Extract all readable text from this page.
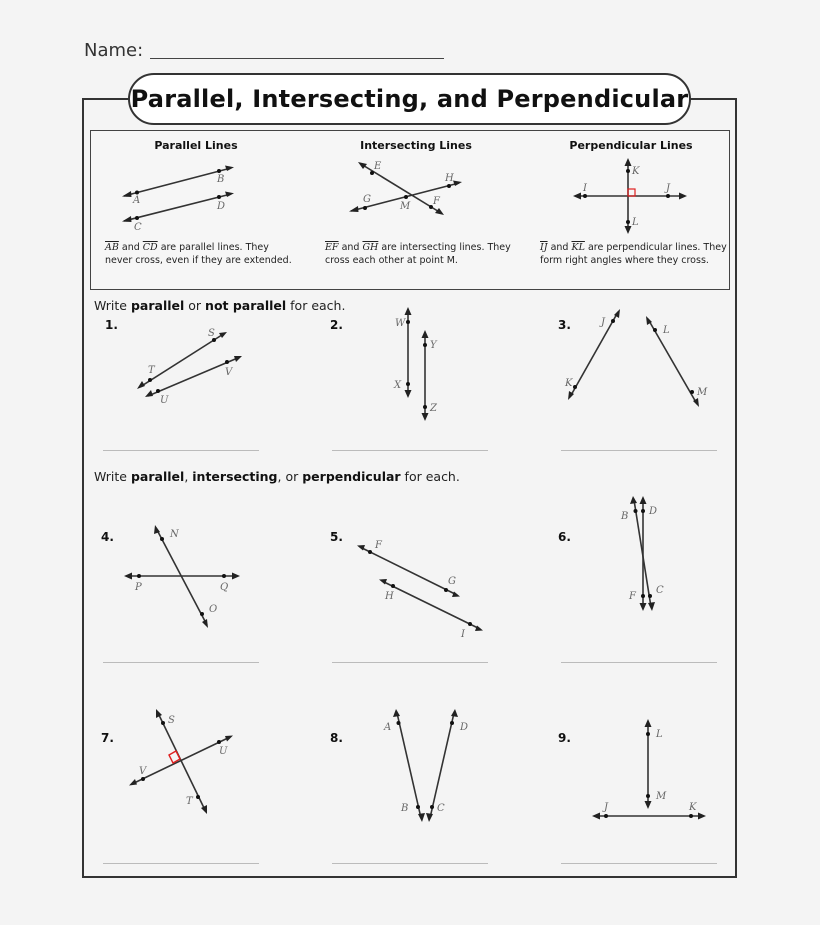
Name:
Parallel, Intersecting, and Perpendicular
Parallel Lines
A
B
C
D
$\overline{AB}$ and $\overline{CD}$ are parallel lines. They never cross, even if they are extended.
Intersecting Lines
E
F
G
H
M
$\overline{EF}$ and $\overline{GH}$ are intersecting lines. They cross each other at point M.
Perpendicular Lines
I	J
K
L
$\overline{IJ}$ and $\overline{KL}$ are perpendicular lines. They form right angles where they cross.
Write parallel or not parallel for each.
1.
T
S
U
V
2.	W
X
Y
Z
3.	J
K
L
M
Write parallel, intersecting, or perpendicular for each.
4.
P	Q
N
O
5.
F
G
H
I
6.
B
C
D
F
7.
S
T
V
U
8.
A
B
D
C
9.	L
M
J	K
